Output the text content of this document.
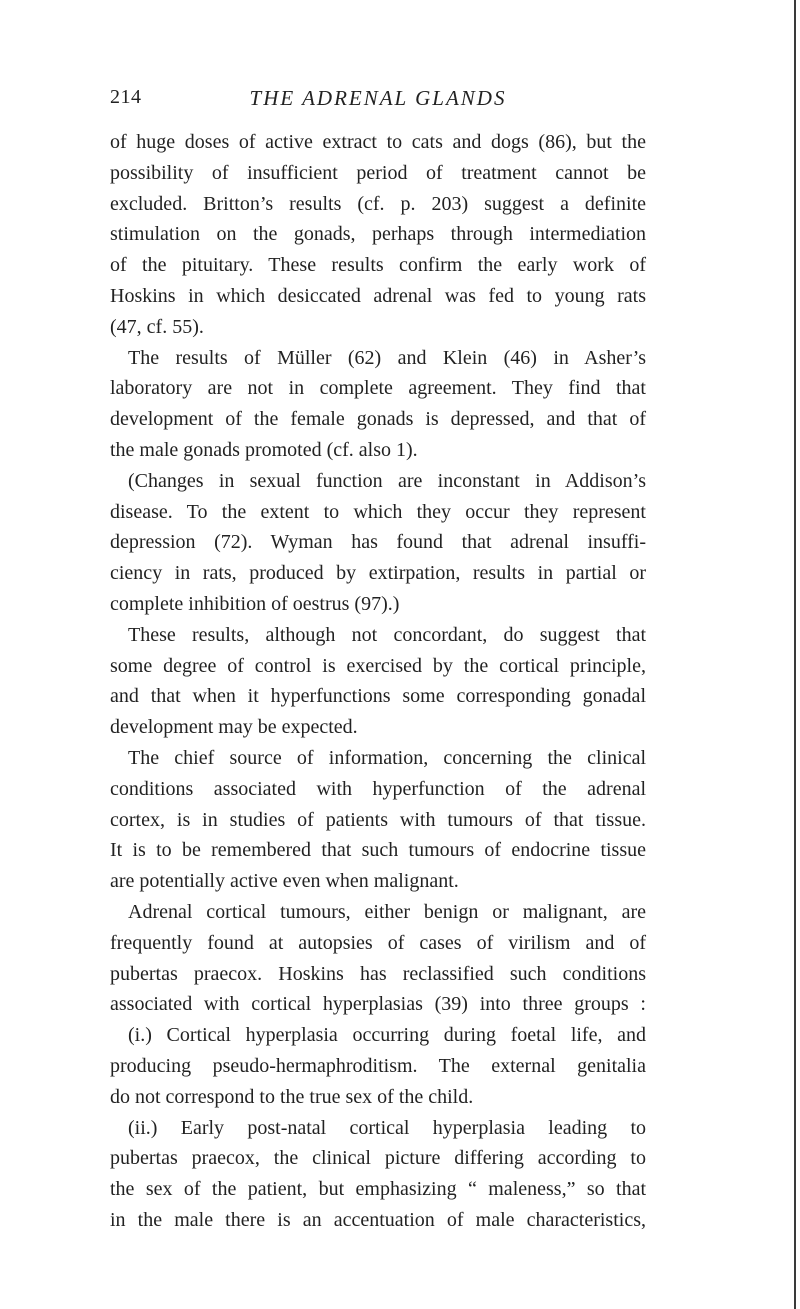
214	THE ADRENAL GLANDS
of huge doses of active extract to cats and dogs (86), but the
possibility of insufficient period of treatment cannot be
excluded. Britton’s results (cf. p. 203) suggest a definite
stimulation on the gonads, perhaps through intermediation
of the pituitary. These results confirm the early work of
Hoskins in which desiccated adrenal was fed to young rats
(47, cf. 55).
The results of Müller (62) and Klein (46) in Asher’s
laboratory are not in complete agreement. They find that
development of the female gonads is depressed, and that of
the male gonads promoted (cf. also 1).
(Changes in sexual function are inconstant in Addison’s
disease. To the extent to which they occur they represent
depression (72). Wyman has found that adrenal insuffi-
ciency in rats, produced by extirpation, results in partial or
complete inhibition of oestrus (97).)
These results, although not concordant, do suggest that
some degree of control is exercised by the cortical principle,
and that when it hyperfunctions some corresponding gonadal
development may be expected.
The chief source of information, concerning the clinical
conditions associated with hyperfunction of the adrenal
cortex, is in studies of patients with tumours of that tissue.
It is to be remembered that such tumours of endocrine tissue
are potentially active even when malignant.
Adrenal cortical tumours, either benign or malignant, are
frequently found at autopsies of cases of virilism and of
pubertas praecox. Hoskins has reclassified such conditions
associated with cortical hyperplasias (39) into three groups :
(i.) Cortical hyperplasia occurring during foetal life, and
producing pseudo-hermaphroditism. The external genitalia
do not correspond to the true sex of the child.
(ii.) Early post-natal cortical hyperplasia leading to
pubertas praecox, the clinical picture differing according to
the sex of the patient, but emphasizing “ maleness,” so that
in the male there is an accentuation of male characteristics,
